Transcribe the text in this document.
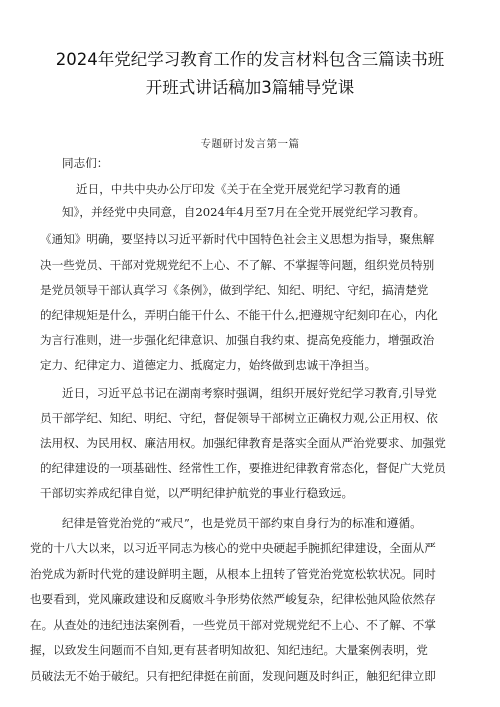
2024年党纪学习教育工作的发言材料包含三篇读书班
开班式讲话稿加3篇辅导党课
专题研讨发言第一篇
同志们：
近日，中共中央办公厅印发《关于在全党开展党纪学习教育的通
知》，并经党中央同意，自2024年4月至7月在全党开展党纪学习教育。
《通知》明确，要坚持以习近平新时代中国特色社会主义思想为指导，聚焦解
决一些党员、干部对党规党纪不上心、不了解、不掌握等问题，组织党员特别
是党员领导干部认真学习《条例》，做到学纪、知纪、明纪、守纪，搞清楚党
的纪律规矩是什么，弄明白能干什么、不能干什么,把遵规守纪刻印在心，内化
为言行准则，进一步强化纪律意识、加强自我约束、提高免疫能力，增强政治
定力、纪律定力、道德定力、抵腐定力，始终做到忠诚干净担当。
近日，习近平总书记在湖南考察时强调，组织开展好党纪学习教育,引导党
员干部学纪、知纪、明纪、守纪，督促领导干部树立正确权力观,公正用权、依
法用权、为民用权、廉洁用权。加强纪律教育是落实全面从严治党要求、加强党
的纪律建设的一项基础性、经常性工作，要推进纪律教育常态化，督促广大党员
干部切实养成纪律自觉，以严明纪律护航党的事业行稳致远。
纪律是管党治党的“戒尺”，也是党员干部约束自身行为的标准和遵循。
党的十八大以来，以习近平同志为核心的党中央硬起手腕抓纪律建设，全面从严
治党成为新时代党的建设鲜明主题，从根本上扭转了管党治党宽松软状况。同时
也要看到，党风廉政建设和反腐败斗争形势依然严峻复杂，纪律松弛风险依然存
在。从查处的违纪违法案例看，一些党员干部对党规党纪不上心、不了解、不掌
握，以致发生问题而不自知,更有甚者明知故犯、知纪违纪。大量案例表明，党
员破法无不始于破纪。只有把纪律挺在前面，发现问题及时纠正，触犯纪律立即
